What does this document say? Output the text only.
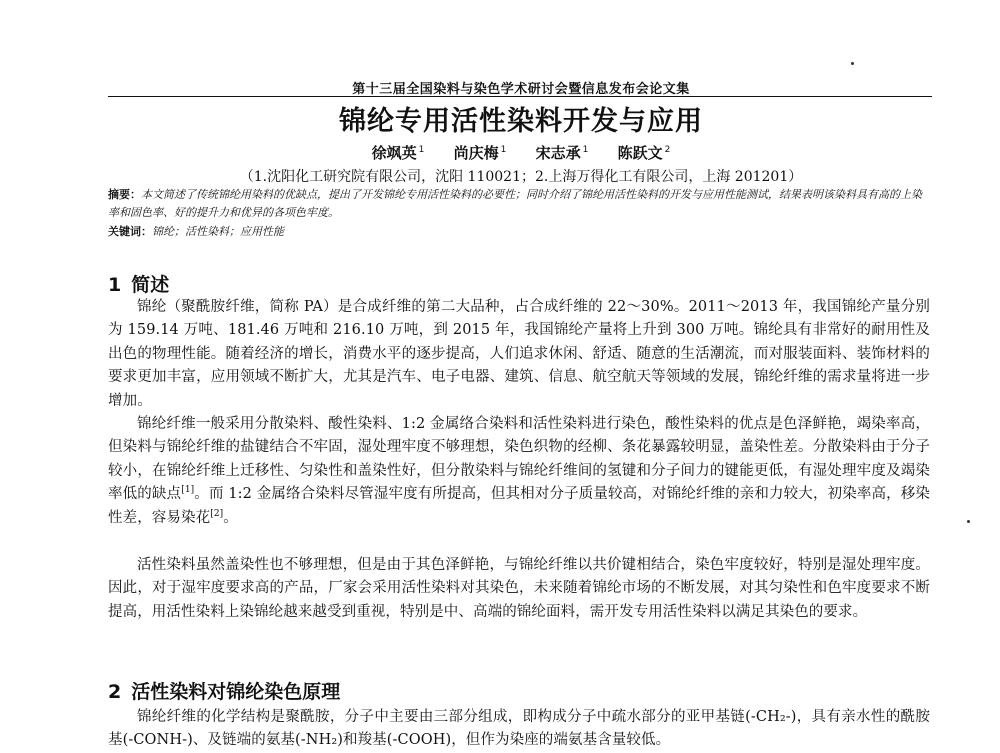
第十三届全国染料与染色学术研讨会暨信息发布会论文集
锦纶专用活性染料开发与应用
徐飒英 $^1$ 尚庆梅 $^1$ 宋志承 $^1$ 陈跃文 $^2$
（1.沈阳化工研究院有限公司，沈阳 110021；2.上海万得化工有限公司，上海 201201）
摘要：本文简述了传统锦纶用染料的优缺点，提出了开发锦纶专用活性染料的必要性；同时介绍了锦纶用活性染料的开发与应用性能测试，结果表明该染料具有高的上染率和固色率、好的提升力和优异的各项色牢度。
关键词：锦纶；活性染料；应用性能
1 简述

锦纶（聚酰胺纤维，简称 PA）是合成纤维的第二大品种，占合成纤维的 22～30%。2011～2013 年，我国锦纶产量分别为 159.14 万吨、181.46 万吨和 216.10 万吨，到 2015 年，我国锦纶产量将上升到 300 万吨。锦纶具有非常好的耐用性及出色的物理性能。随着经济的增长，消费水平的逐步提高，人们追求休闲、舒适、随意的生活潮流，而对服装面料、装饰材料的要求更加丰富，应用领域不断扩大，尤其是汽车、电子电器、建筑、信息、航空航天等领域的发展，锦纶纤维的需求量将进一步增加。

锦纶纤维一般采用分散染料、酸性染料、1:2 金属络合染料和活性染料进行染色，酸性染料的优点是色泽鲜艳，竭染率高，但染料与锦纶纤维的盐键结合不牢固，湿处理牢度不够理想，染色织物的经柳、条花暴露较明显，盖染性差。分散染料由于分子较小，在锦纶纤维上迁移性、匀染性和盖染性好，但分散染料与锦纶纤维间的氢键和分子间力的键能更低，有湿处理牢度及竭染率低的缺点[1]。而 1:2 金属络合染料尽管湿牢度有所提高，但其相对分子质量较高，对锦纶纤维的亲和力较大，初染率高，移染性差，容易染花[2]。

活性染料虽然盖染性也不够理想，但是由于其色泽鲜艳，与锦纶纤维以共价键相结合，染色牢度较好，特别是湿处理牢度。因此，对于湿牢度要求高的产品，厂家会采用活性染料对其染色，未来随着锦纶市场的不断发展，对其匀染性和色牢度要求不断提高，用活性染料上染锦纶越来越受到重视，特别是中、高端的锦纶面料，需开发专用活性染料以满足其染色的要求。

2 活性染料对锦纶染色原理

锦纶纤维的化学结构是聚酰胺，分子中主要由三部分组成，即构成分子中疏水部分的亚甲基链(-CH₂-)，具有亲水性的酰胺基(-CONH-)、及链端的氨基(-NH₂)和羧基(-COOH)，但作为染座的端氨基含量较低。
